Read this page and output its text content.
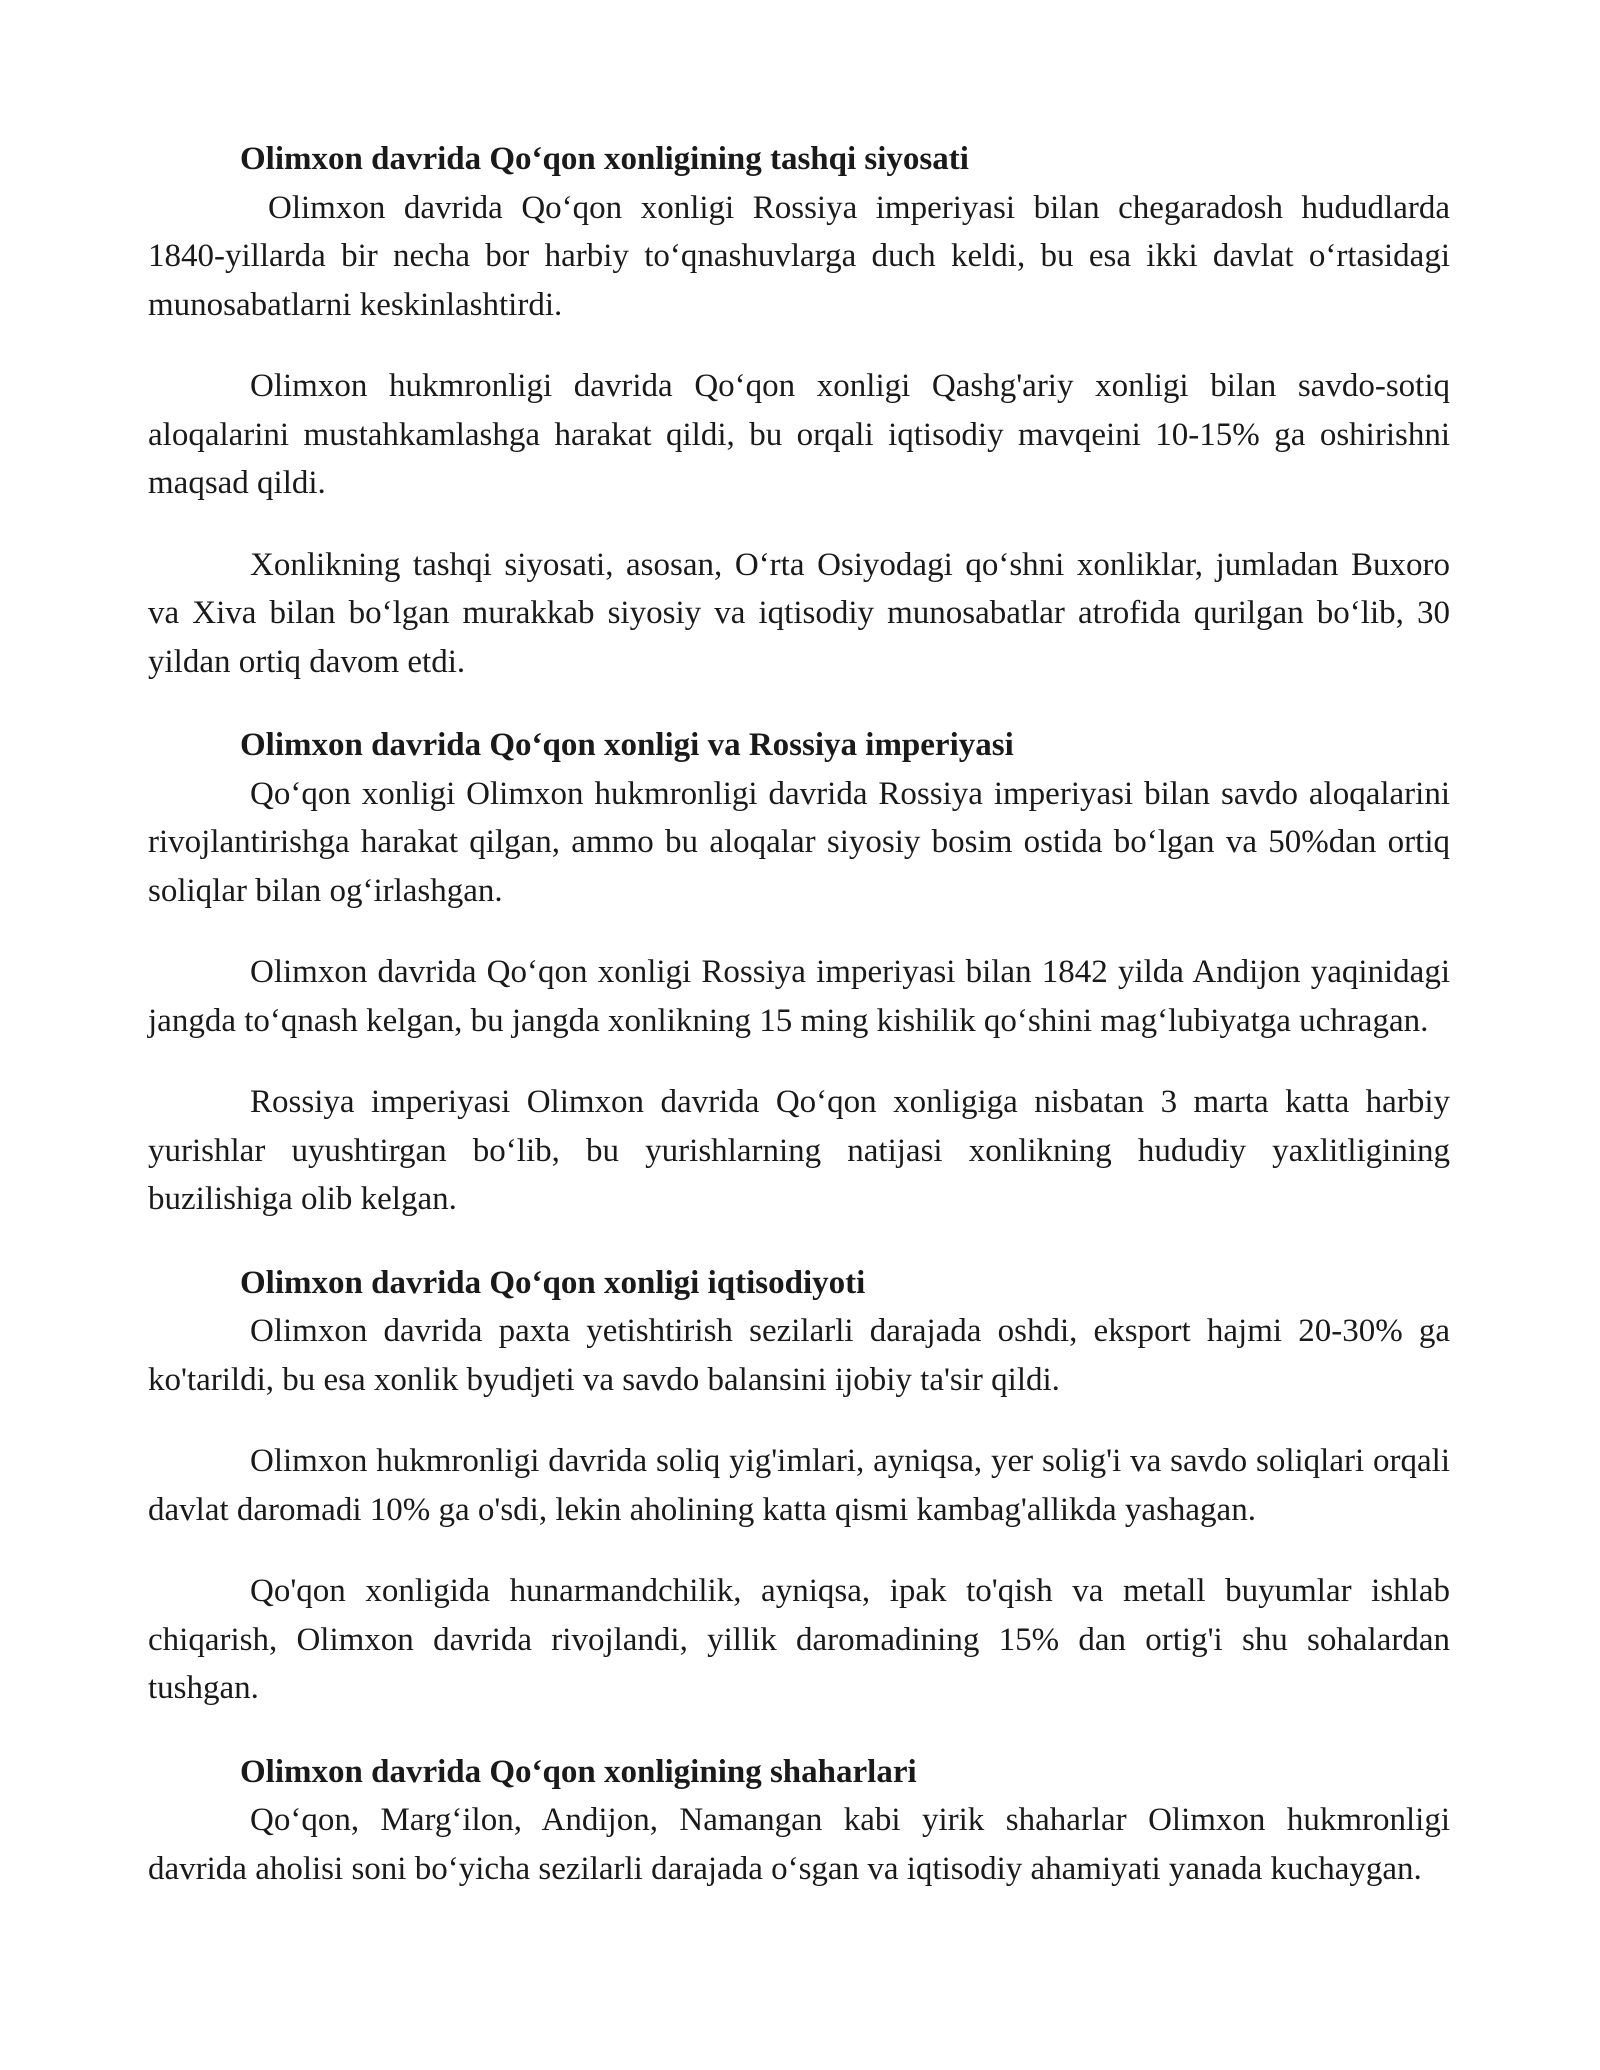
Olimxon davrida Qo‘qon xonligining tashqi siyosati

Olimxon davrida Qo‘qon xonligi Rossiya imperiyasi bilan chegaradosh hududlarda 1840-yillarda bir necha bor harbiy to‘qnashuvlarga duch keldi, bu esa ikki davlat o‘rtasidagi munosabatlarni keskinlashtirdi.

Olimxon hukmronligi davrida Qo‘qon xonligi Qashg'ariy xonligi bilan savdo-sotiq aloqalarini mustahkamlashga harakat qildi, bu orqali iqtisodiy mavqeini 10-15% ga oshirishni maqsad qildi.

Xonlikning tashqi siyosati, asosan, O‘rta Osiyodagi qo‘shni xonliklar, jumladan Buxoro va Xiva bilan bo‘lgan murakkab siyosiy va iqtisodiy munosabatlar atrofida qurilgan bo‘lib, 30 yildan ortiq davom etdi.

Olimxon davrida Qo‘qon xonligi va Rossiya imperiyasi

Qo‘qon xonligi Olimxon hukmronligi davrida Rossiya imperiyasi bilan savdo aloqalarini rivojlantirishga harakat qilgan, ammo bu aloqalar siyosiy bosim ostida bo‘lgan va 50%dan ortiq soliqlar bilan og‘irlashgan.

Olimxon davrida Qo‘qon xonligi Rossiya imperiyasi bilan 1842 yilda Andijon yaqinidagi jangda to‘qnash kelgan, bu jangda xonlikning 15 ming kishilik qo‘shini mag‘lubiyatga uchragan.

Rossiya imperiyasi Olimxon davrida Qo‘qon xonligiga nisbatan 3 marta katta harbiy yurishlar uyushtirgan bo‘lib, bu yurishlarning natijasi xonlikning hududiy yaxlitligining buzilishiga olib kelgan.

Olimxon davrida Qo‘qon xonligi iqtisodiyoti

Olimxon davrida paxta yetishtirish sezilarli darajada oshdi, eksport hajmi 20-30% ga ko'tarildi, bu esa xonlik byudjeti va savdo balansini ijobiy ta'sir qildi.

Olimxon hukmronligi davrida soliq yig'imlari, ayniqsa, yer solig'i va savdo soliqlari orqali davlat daromadi 10% ga o'sdi, lekin aholining katta qismi kambag'allikda yashagan.

Qo'qon xonligida hunarmandchilik, ayniqsa, ipak to'qish va metall buyumlar ishlab chiqarish, Olimxon davrida rivojlandi, yillik daromadining 15% dan ortig'i shu sohalardan tushgan.

Olimxon davrida Qo‘qon xonligining shaharlari

Qo‘qon, Marg‘ilon, Andijon, Namangan kabi yirik shaharlar Olimxon hukmronligi davrida aholisi soni bo‘yicha sezilarli darajada o‘sgan va iqtisodiy ahamiyati yanada kuchaygan.
